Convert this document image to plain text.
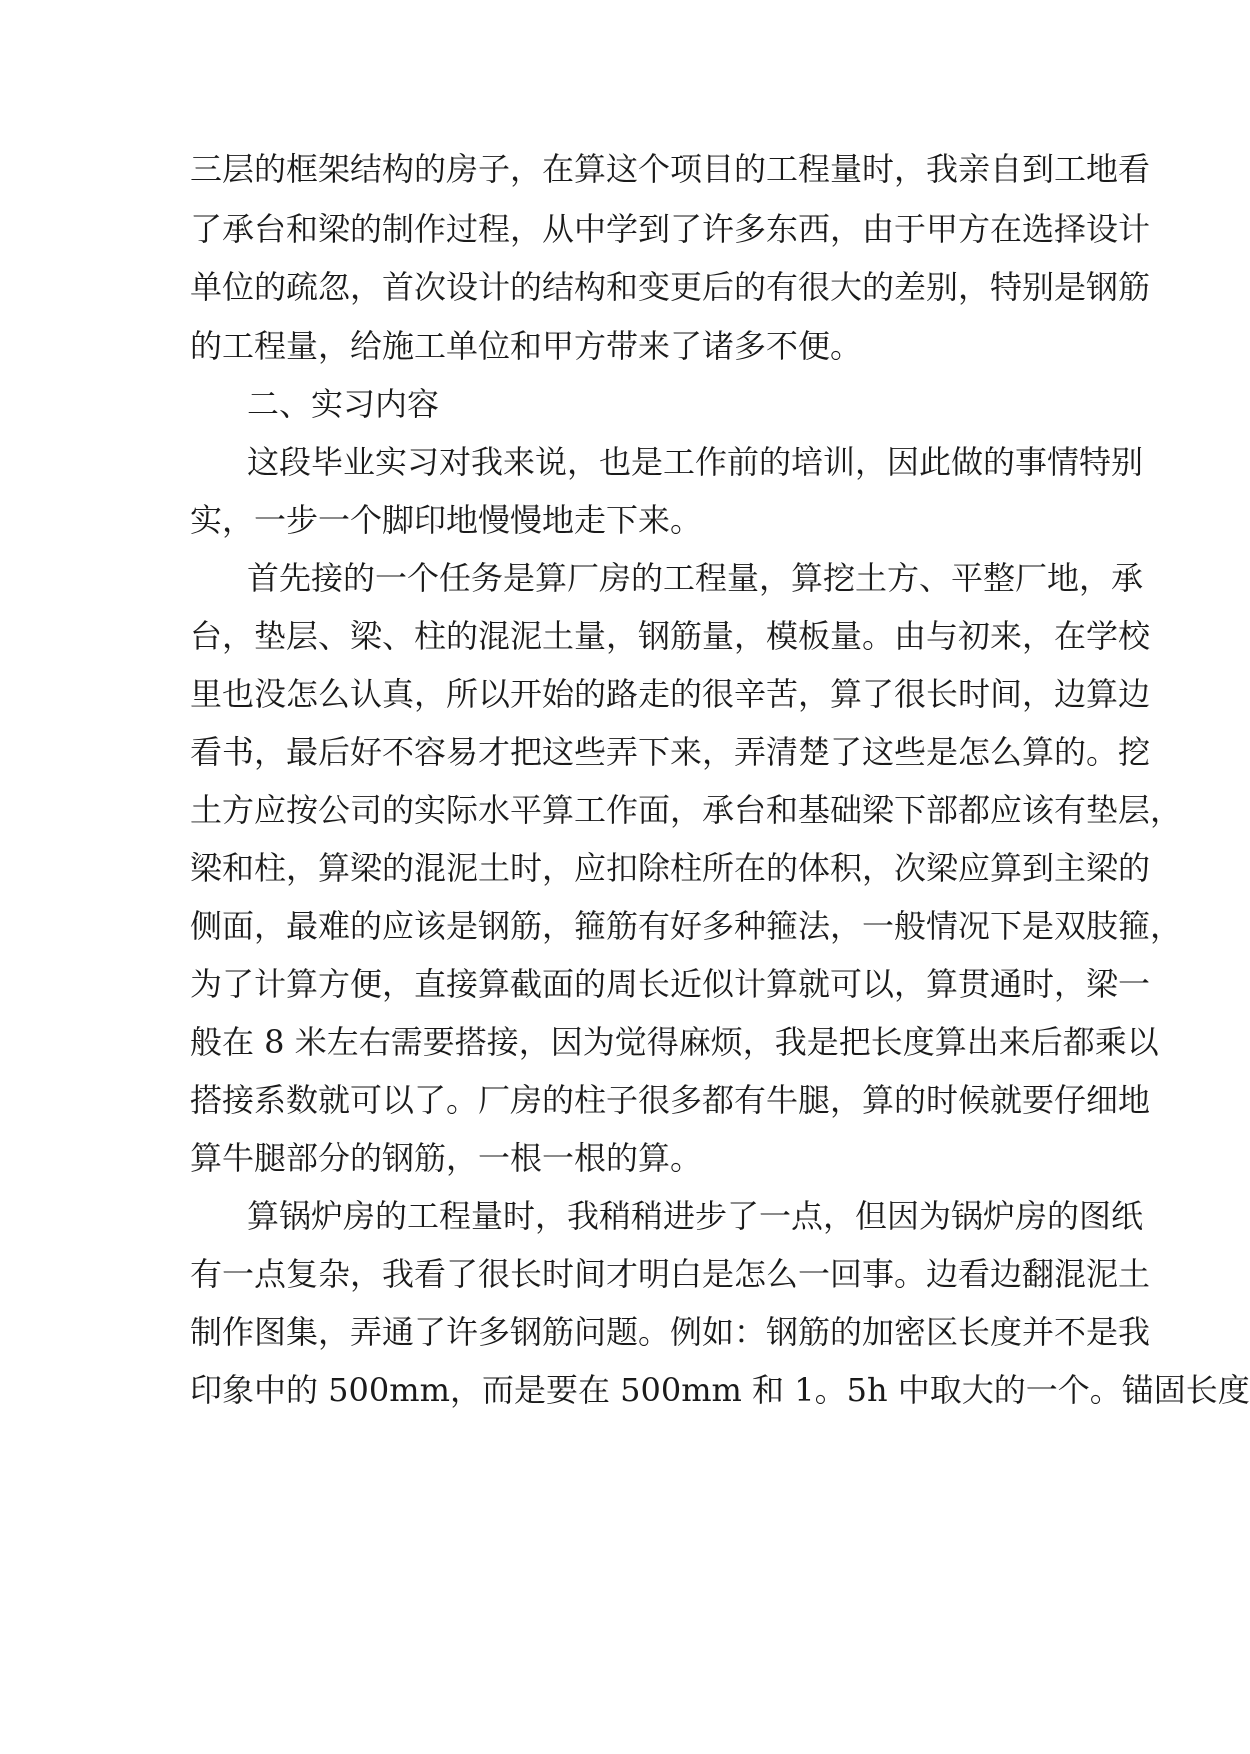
三层的框架结构的房子，在算这个项目的工程量时，我亲自到工地看
了承台和梁的制作过程，从中学到了许多东西，由于甲方在选择设计
单位的疏忽，首次设计的结构和变更后的有很大的差别，特别是钢筋
的工程量，给施工单位和甲方带来了诸多不便。
二、实习内容
这段毕业实习对我来说，也是工作前的培训，因此做的事情特别
实，一步一个脚印地慢慢地走下来。
首先接的一个任务是算厂房的工程量，算挖土方、平整厂地，承
台，垫层、梁、柱的混泥土量，钢筋量，模板量。由与初来，在学校
里也没怎么认真，所以开始的路走的很辛苦，算了很长时间，边算边
看书，最后好不容易才把这些弄下来，弄清楚了这些是怎么算的。挖
土方应按公司的实际水平算工作面，承台和基础梁下部都应该有垫层，
梁和柱，算梁的混泥土时，应扣除柱所在的体积，次梁应算到主梁的
侧面，最难的应该是钢筋，箍筋有好多种箍法，一般情况下是双肢箍，
为了计算方便，直接算截面的周长近似计算就可以，算贯通时，梁一
般在 8 米左右需要搭接，因为觉得麻烦，我是把长度算出来后都乘以
搭接系数就可以了。厂房的柱子很多都有牛腿，算的时候就要仔细地
算牛腿部分的钢筋，一根一根的算。
算锅炉房的工程量时，我稍稍进步了一点，但因为锅炉房的图纸
有一点复杂，我看了很长时间才明白是怎么一回事。边看边翻混泥土
制作图集，弄通了许多钢筋问题。例如：钢筋的加密区长度并不是我
印象中的 500mm，而是要在 500mm 和 1。5h 中取大的一个。锚固长度
